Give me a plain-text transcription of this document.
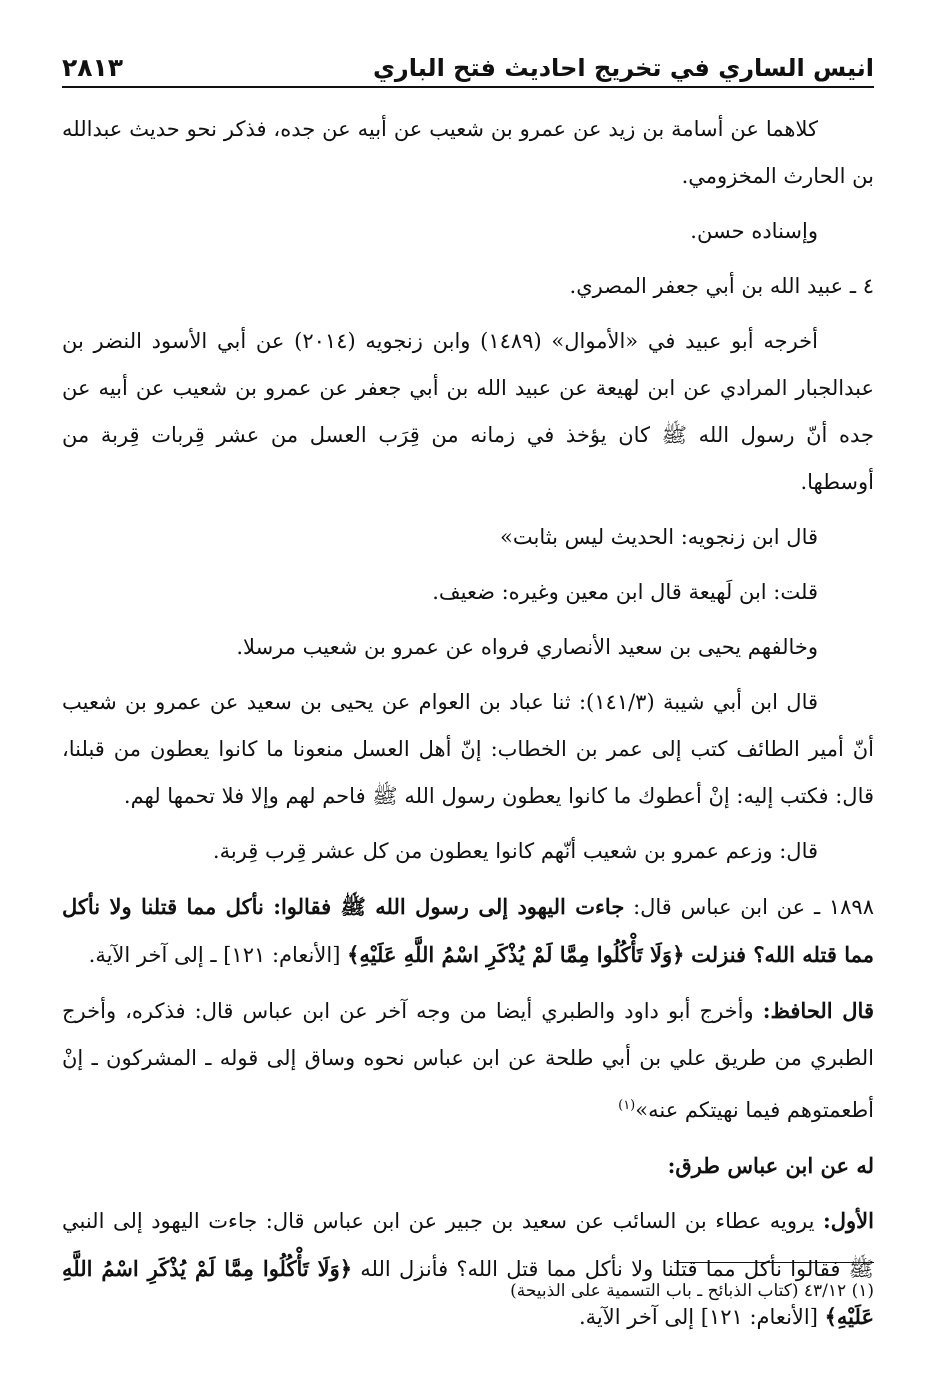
انيس الساري في تخريج احاديث فتح الباري
٢٨١٣

كلاهما عن أسامة بن زيد عن عمرو بن شعيب عن أبيه عن جده، فذكر نحو حديث عبدالله بن الحارث المخزومي.

وإسناده حسن.

٤ ـ عبيد الله بن أبي جعفر المصري.

أخرجه أبو عبيد في «الأموال» (١٤٨٩) وابن زنجويه (٢٠١٤) عن أبي الأسود النضر بن عبدالجبار المرادي عن ابن لهيعة عن عبيد الله بن أبي جعفر عن عمرو بن شعيب عن أبيه عن جده أنّ رسول الله ﷺ كان يؤخذ في زمانه من قِرَب العسل من عشر قِربات قِربة من أوسطها.

قال ابن زنجويه: الحديث ليس بثابت»

قلت: ابن لَهيعة قال ابن معين وغيره: ضعيف.

وخالفهم يحيى بن سعيد الأنصاري فرواه عن عمرو بن شعيب مرسلا.

قال ابن أبي شيبة (١٤١/٣): ثنا عباد بن العوام عن يحيى بن سعيد عن عمرو بن شعيب أنّ أمير الطائف كتب إلى عمر بن الخطاب: إنّ أهل العسل منعونا ما كانوا يعطون من قبلنا، قال: فكتب إليه: إنْ أعطوك ما كانوا يعطون رسول الله ﷺ فاحم لهم وإلا فلا تحمها لهم.

قال: وزعم عمرو بن شعيب أنّهم كانوا يعطون من كل عشر قِرب قِربة.

١٨٩٨ ـ عن ابن عباس قال: جاءت اليهود إلى رسول الله ﷺ فقالوا: نأكل مما قتلنا ولا نأكل مما قتله الله؟ فنزلت ﴿وَلَا تَأْكُلُوا مِمَّا لَمْ يُذْكَرِ اسْمُ اللَّهِ عَلَيْهِ﴾ [الأنعام: ١٢١] ـ إلى آخر الآية.

قال الحافظ: وأخرج أبو داود والطبري أيضا من وجه آخر عن ابن عباس قال: فذكره، وأخرج الطبري من طريق علي بن أبي طلحة عن ابن عباس نحوه وساق إلى قوله ـ المشركون ـ إنْ أطعمتوهم فيما نهيتكم عنه»$^{(١)}$

له عن ابن عباس طرق:

الأول: يرويه عطاء بن السائب عن سعيد بن جبير عن ابن عباس قال: جاءت اليهود إلى النبي ﷺ فقالوا نأكل مما قتلنا ولا نأكل مما قتل الله؟ فأنزل الله ﴿وَلَا تَأْكُلُوا مِمَّا لَمْ يُذْكَرِ اسْمُ اللَّهِ عَلَيْهِ﴾ [الأنعام: ١٢١] إلى آخر الآية.

(١) ٤٣/١٢ (كتاب الذبائح ـ باب التسمية على الذبيحة)
